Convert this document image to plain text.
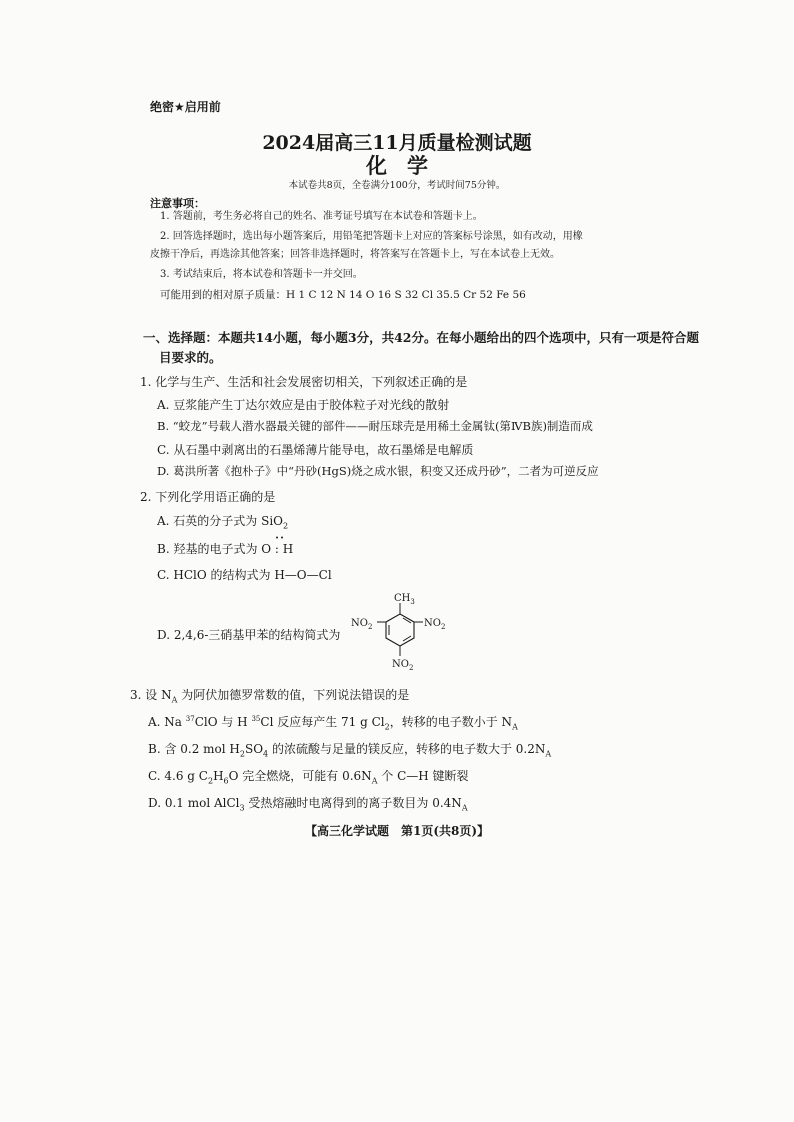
绝密★启用前
2024届高三11月质量检测试题
化学
本试卷共8页，全卷满分100分，考试时间75分钟。
注意事项：
1. 答题前，考生务必将自己的姓名、准考证号填写在本试卷和答题卡上。
2. 回答选择题时，选出每小题答案后，用铅笔把答题卡上对应的答案标号涂黑，如有改动，用橡
皮擦干净后，再选涂其他答案；回答非选择题时，将答案写在答题卡上，写在本试卷上无效。
3. 考试结束后，将本试卷和答题卡一并交回。
可能用到的相对原子质量：H 1 C 12 N 14 O 16 S 32 Cl 35.5 Cr 52 Fe 56
一、选择题：本题共14小题，每小题3分，共42分。在每小题给出的四个选项中，只有一项是符合题
目要求的。
1. 化学与生产、生活和社会发展密切相关，下列叙述正确的是
A. 豆浆能产生丁达尔效应是由于胶体粒子对光线的散射
B. “蛟龙”号载人潜水器最关键的部件——耐压球壳是用稀土金属钛(第ⅣB族)制造而成
C. 从石墨中剥离出的石墨烯薄片能导电，故石墨烯是电解质
D. 葛洪所著《抱朴子》中“丹砂(HgS)烧之成水银，积变又还成丹砂”，二者为可逆反应
2. 下列化学用语正确的是
A. 石英的分子式为 SiO$_2$
B. 羟基的电子式为 O : H
C. HClO 的结构式为 H—O—Cl
D. 2,4,6-三硝基甲苯的结构简式为
$CH_3$
$NO_2$
$NO_2$
$NO_2$
3. 设 $N_A$ 为阿伏加德罗常数的值，下列说法错误的是
A. Na $^{37}$ClO 与 H $^{35}$Cl 反应每产生 71 g $Cl_2$，转移的电子数小于 $N_A$
B. 含 0.2 mol $H_2SO_4$ 的浓硫酸与足量的镁反应，转移的电子数大于 $0.2N_A$
C. 4.6 g $C_2H_6O$ 完全燃烧，可能有 $0.6N_A$ 个 C—H 键断裂
D. 0.1 mol AlCl$_3$ 受热熔融时电离得到的离子数目为 $0.4N_A$
【高三化学试题　第1页(共8页)】
